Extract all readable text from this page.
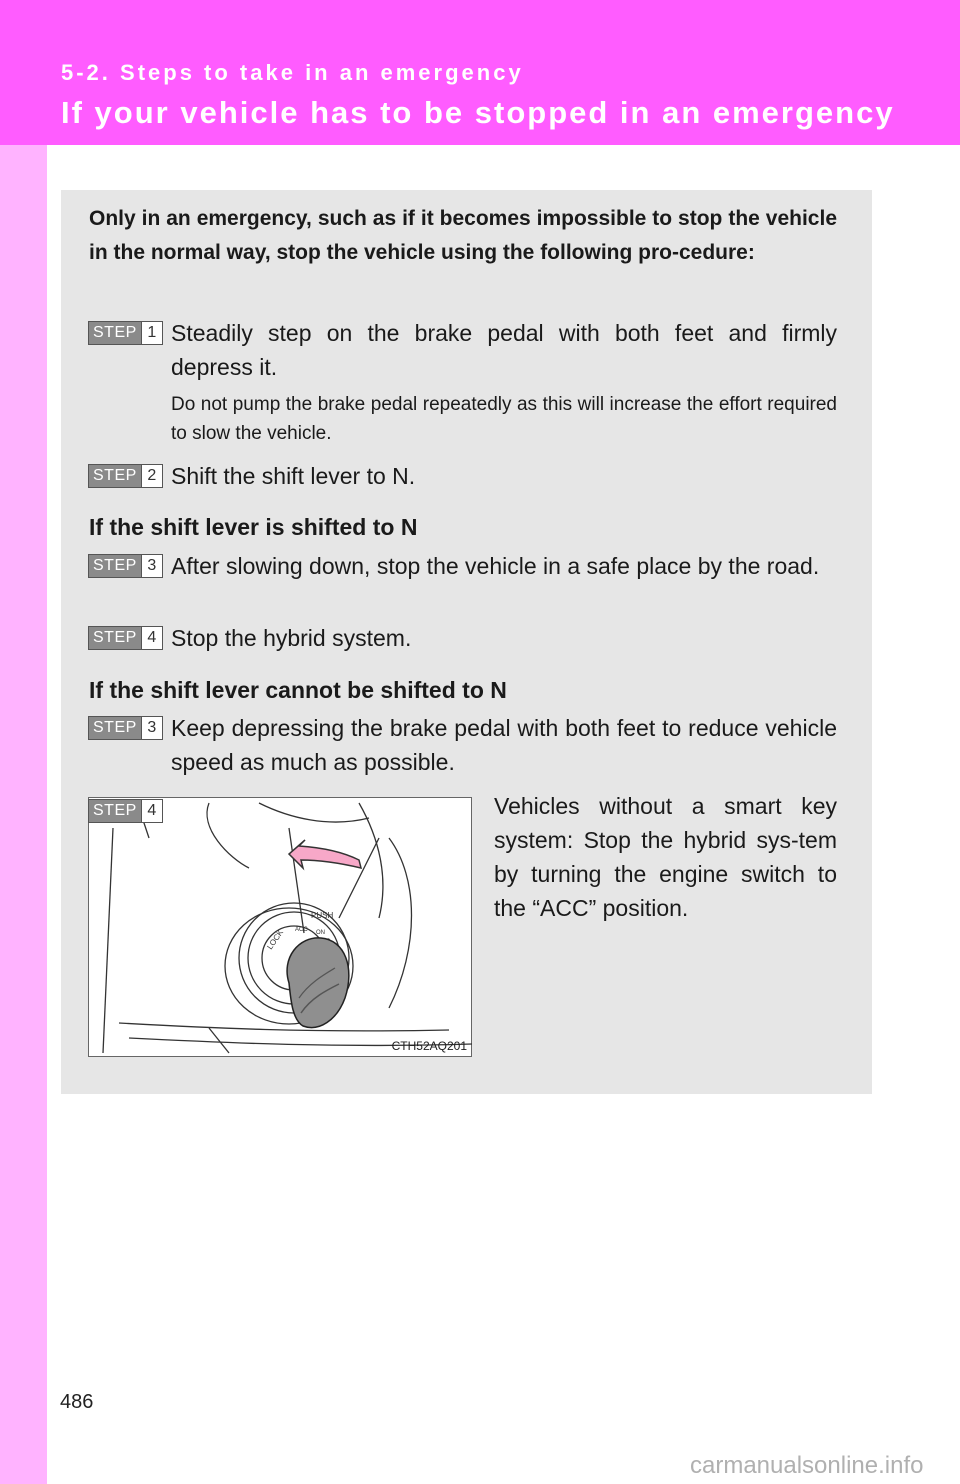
5-2. Steps to take in an emergency
If your vehicle has to be stopped in an emergency
Only in an emergency, such as if it becomes impossible to stop the vehicle in the normal way, stop the vehicle using the following pro-cedure:
STEP 1 Steadily step on the brake pedal with both feet and firmly depress it.
Do not pump the brake pedal repeatedly as this will increase the effort required to slow the vehicle.
STEP 2 Shift the shift lever to N.
If the shift lever is shifted to N
STEP 3 After slowing down, stop the vehicle in a safe place by the road.
STEP 4 Stop the hybrid system.
If the shift lever cannot be shifted to N
STEP 3 Keep depressing the brake pedal with both feet to reduce vehicle speed as much as possible.
PUSH
LOCK ACC ON
CTH52AQ201
STEP 4	Vehicles without a smart key system: Stop the hybrid sys-tem by turning the engine switch to the “ACC” position.
486
carmanualsonline.info
